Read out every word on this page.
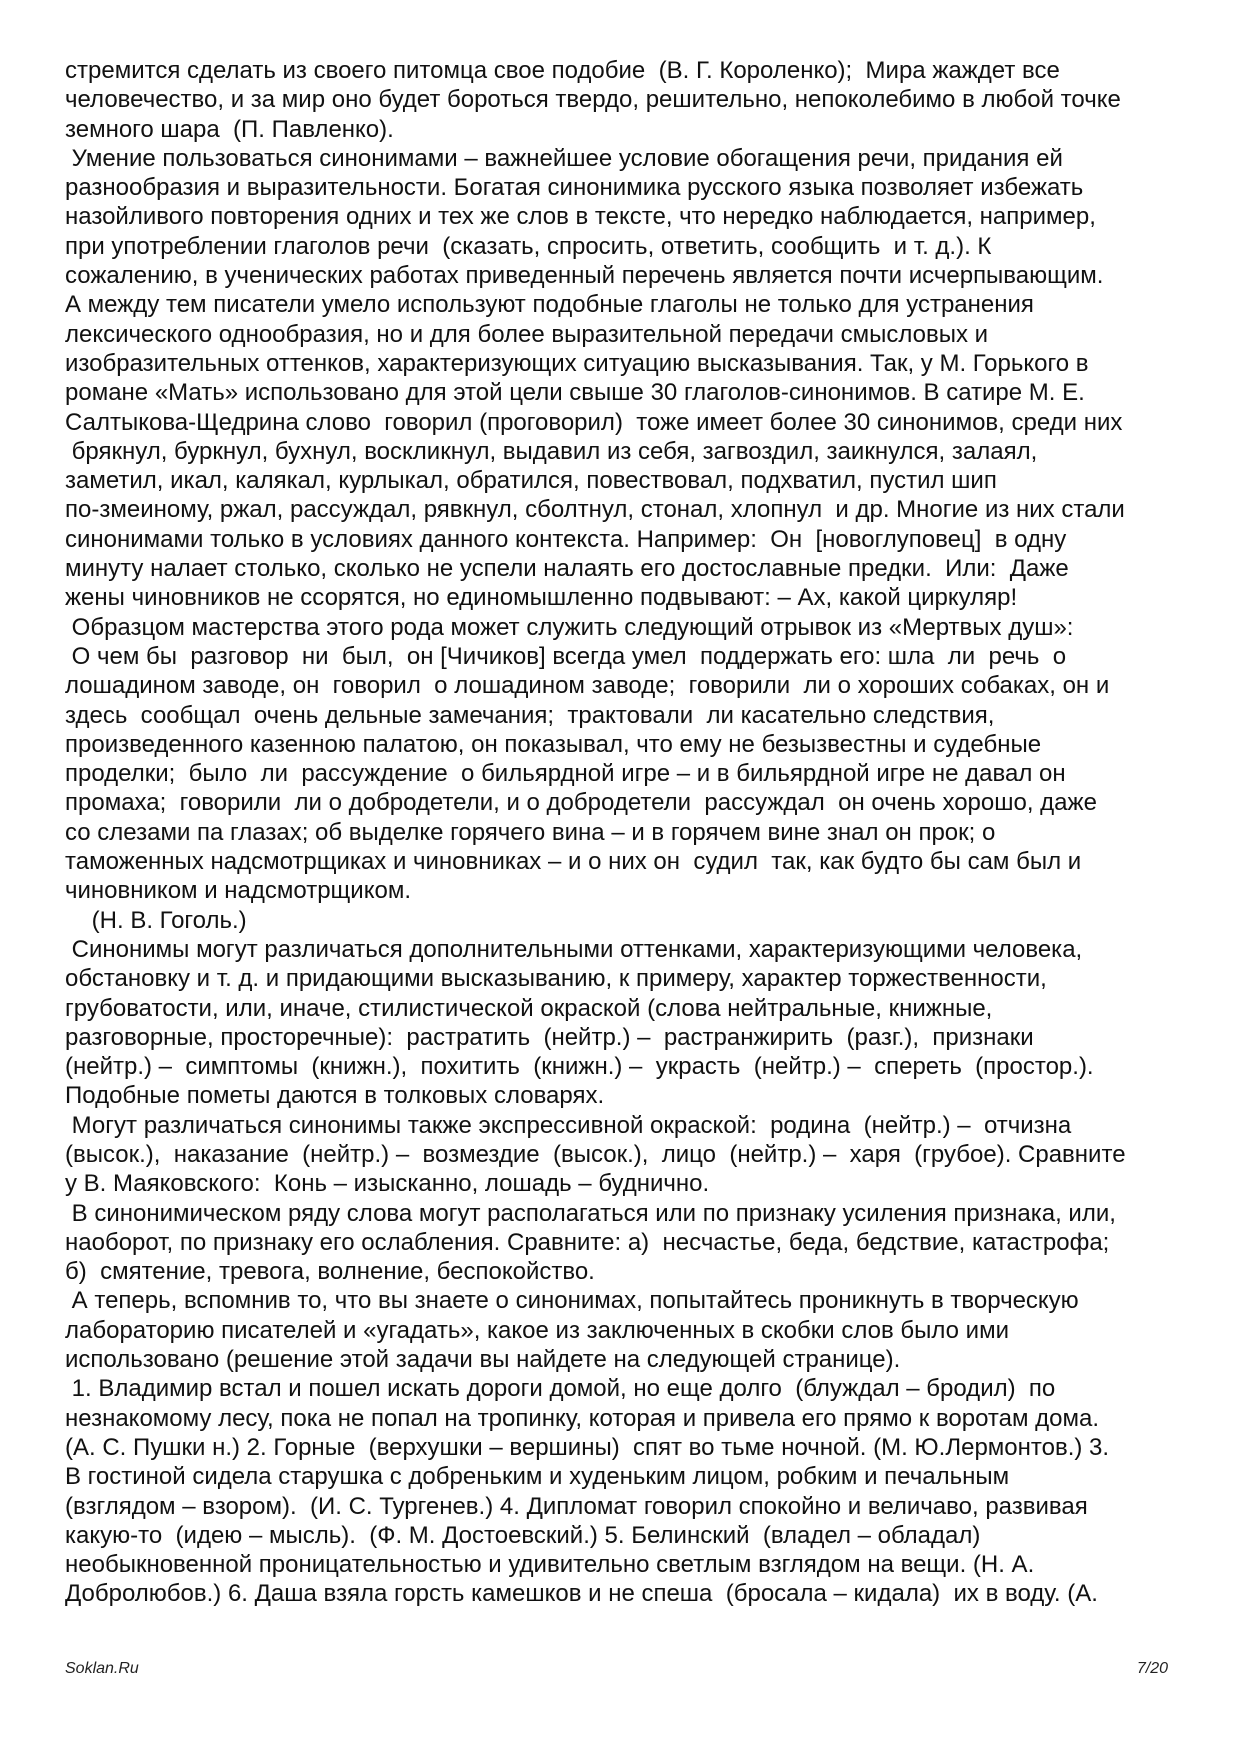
стремится сделать из своего питомца свое подобие  (В. Г. Короленко);  Мира жаждет все

человечество, и за мир оно будет бороться твердо, решительно, непоколебимо в любой точке

земного шара  (П. Павленко).

Умение пользоваться синонимами – важнейшее условие обогащения речи, придания ей

разнообразия и выразительности. Богатая синонимика русского языка позволяет избежать

назойливого повторения одних и тех же слов в тексте, что нередко наблюдается, например,

при употреблении глаголов речи  (сказать, спросить, ответить, сообщить  и т. д.). К

сожалению, в ученических работах приведенный перечень является почти исчерпывающим.

А между тем писатели умело используют подобные глаголы не только для устранения

лексического однообразия, но и для более выразительной передачи смысловых и

изобразительных оттенков, характеризующих ситуацию высказывания. Так, у М. Горького в

романе «Мать» использовано для этой цели свыше 30 глаголов-синонимов. В сатире М. Е.

Салтыкова-Щедрина слово  говорил (проговорил)  тоже имеет более 30 синонимов, среди них

брякнул, буркнул, бухнул, воскликнул, выдавил из себя, загвоздил, заикнулся, залаял,

заметил, икал, калякал, курлыкал, обратился, повествовал, подхватил, пустил шип

по-змеиному, ржал, рассуждал, рявкнул, сболтнул, стонал, хлопнул  и др. Многие из них стали

синонимами только в условиях данного контекста. Например:  Он  [новоглуповец]  в одну

минуту налает столько, сколько не успели налаять его достославные предки.  Или:  Даже

жены чиновников не ссорятся, но единомышленно подвывают: – Ах, какой циркуляр!

Образцом мастерства этого рода может служить следующий отрывок из «Мертвых душ»:

О чем бы  разговор  ни  был,  он [Чичиков] всегда умел  поддержать его: шла  ли  речь  о

лошадином заводе, он  говорил  о лошадином заводе;  говорили  ли о хороших собаках, он и

здесь  сообщал  очень дельные замечания;  трактовали  ли касательно следствия,

произведенного казенною палатою, он показывал, что ему не безызвестны и судебные

проделки;  было  ли  рассуждение  о бильярдной игре – и в бильярдной игре не давал он

промаха;  говорили  ли о добродетели, и о добродетели  рассуждал  он очень хорошо, даже

со слезами па глазах; об выделке горячего вина – и в горячем вине знал он прок; о

таможенных надсмотрщиках и чиновниках – и о них он  судил  так, как будто бы сам был и

чиновником и надсмотрщиком.

(Н. В. Гоголь.)

Синонимы могут различаться дополнительными оттенками, характеризующими человека,

обстановку и т. д. и придающими высказыванию, к примеру, характер торжественности,

грубоватости, или, иначе, стилистической окраской (слова нейтральные, книжные,

разговорные, просторечные):  растратить  (нейтр.) –  растранжирить  (разг.),  признаки

(нейтр.) –  симптомы  (книжн.),  похитить  (книжн.) –  украсть  (нейтр.) –  спереть  (простор.).

Подобные пометы даются в толковых словарях.

Могут различаться синонимы также экспрессивной окраской:  родина  (нейтр.) –  отчизна

(высок.),  наказание  (нейтр.) –  возмездие  (высок.),  лицо  (нейтр.) –  харя  (грубое). Сравните

у В. Маяковского:  Конь – изысканно, лошадь – буднично.

В синонимическом ряду слова могут располагаться или по признаку усиления признака, или,

наоборот, по признаку его ослабления. Сравните: а)  несчастье, беда, бедствие, катастрофа;

б)  смятение, тревога, волнение, беспокойство.

А теперь, вспомнив то, что вы знаете о синонимах, попытайтесь проникнуть в творческую

лабораторию писателей и «угадать», какое из заключенных в скобки слов было ими

использовано (решение этой задачи вы найдете на следующей странице).

1. Владимир встал и пошел искать дороги домой, но еще долго  (блуждал – бродил)  по

незнакомому лесу, пока не попал на тропинку, которая и привела его прямо к воротам дома.

(А. С. Пушки н.) 2. Горные  (верхушки – вершины)  спят во тьме ночной. (М. Ю.Лермонтов.) 3.

В гостиной сидела старушка с добреньким и худеньким лицом, робким и печальным

(взглядом – взором).  (И. С. Тургенев.) 4. Дипломат говорил спокойно и величаво, развивая

какую-то  (идею – мысль).  (Ф. М. Достоевский.) 5. Белинский  (владел – обладал)

необыкновенной проницательностью и удивительно светлым взглядом на вещи. (Н. А.

Добролюбов.) 6. Даша взяла горсть камешков и не спеша  (бросала – кидала)  их в воду. (А.

Soklan.Ru	7/20
